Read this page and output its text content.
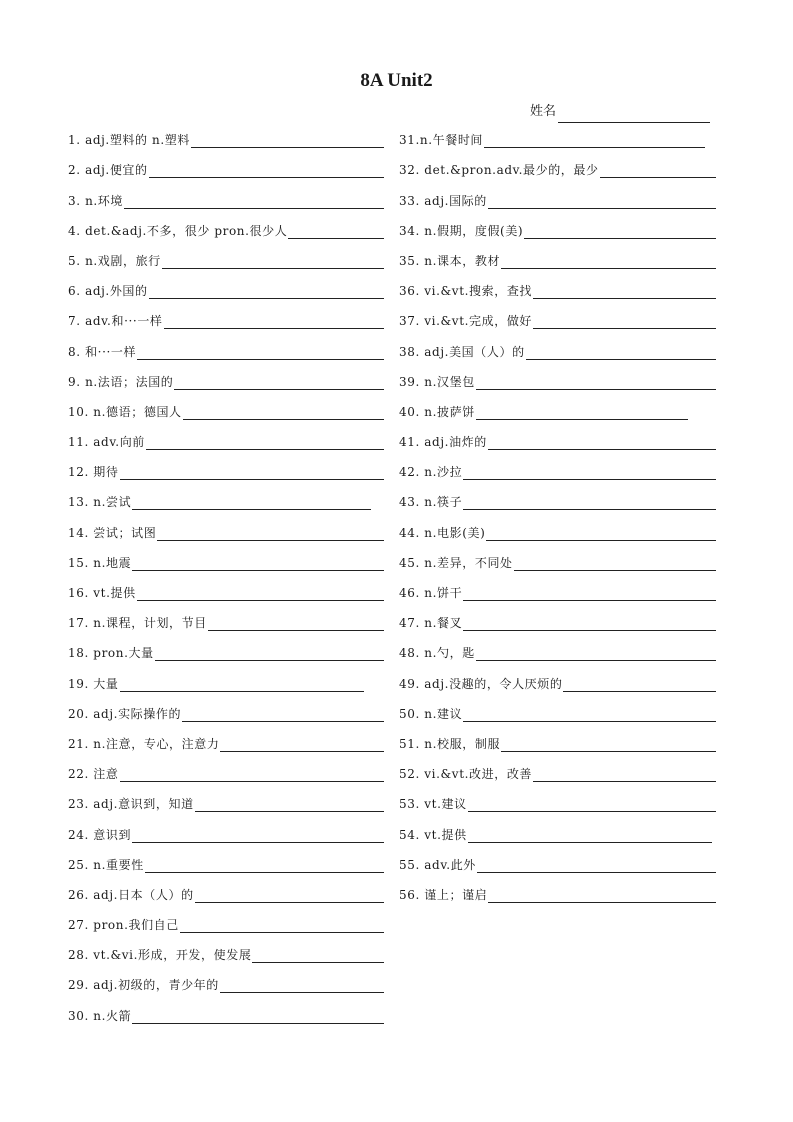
8A Unit2
姓名
1. adj.塑料的 n.塑料
2. adj.便宜的
3. n.环境
4. det.&adj.不多，很少 pron.很少人
5. n.戏剧，旅行
6. adj.外国的
7. adv.和···一样
8. 和···一样
9. n.法语；法国的
10. n.德语；德国人
11. adv.向前
12. 期待
13. n.尝试
14. 尝试；试图
15. n.地震
16. vt.提供
17. n.课程，计划，节目
18. pron.大量
19. 大量
20. adj.实际操作的
21. n.注意，专心，注意力
22. 注意
23. adj.意识到，知道
24. 意识到
25. n.重要性
26. adj.日本（人）的
27. pron.我们自己
28. vt.&vi.形成，开发，使发展
29. adj.初级的，青少年的
30. n.火箭
31.n.午餐时间
32. det.&pron.adv.最少的，最少
33. adj.国际的
34. n.假期，度假(美)
35. n.课本，教材
36. vi.&vt.搜索，查找
37. vi.&vt.完成，做好
38. adj.美国（人）的
39. n.汉堡包
40. n.披萨饼
41. adj.油炸的
42. n.沙拉
43. n.筷子
44. n.电影(美)
45. n.差异，不同处
46. n.饼干
47. n.餐叉
48. n.勺，匙
49. adj.没趣的，令人厌烦的
50. n.建议
51. n.校服，制服
52. vi.&vt.改进，改善
53. vt.建议
54. vt.提供
55. adv.此外
56. 谨上；谨启
